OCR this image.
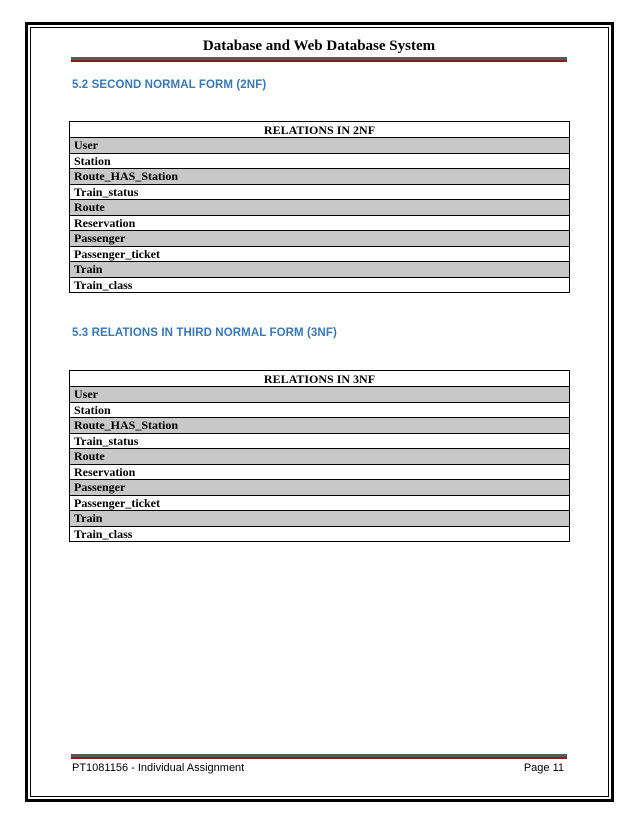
Database and Web Database System
5.2 SECOND NORMAL FORM (2NF)
RELATIONS IN 2NF
User
Station
Route_HAS_Station
Train_status
Route
Reservation
Passenger
Passenger_ticket
Train
Train_class
5.3 RELATIONS IN THIRD NORMAL FORM (3NF)
RELATIONS IN 3NF
User
Station
Route_HAS_Station
Train_status
Route
Reservation
Passenger
Passenger_ticket
Train
Train_class
PT1081156 - Individual Assignment	Page 11
